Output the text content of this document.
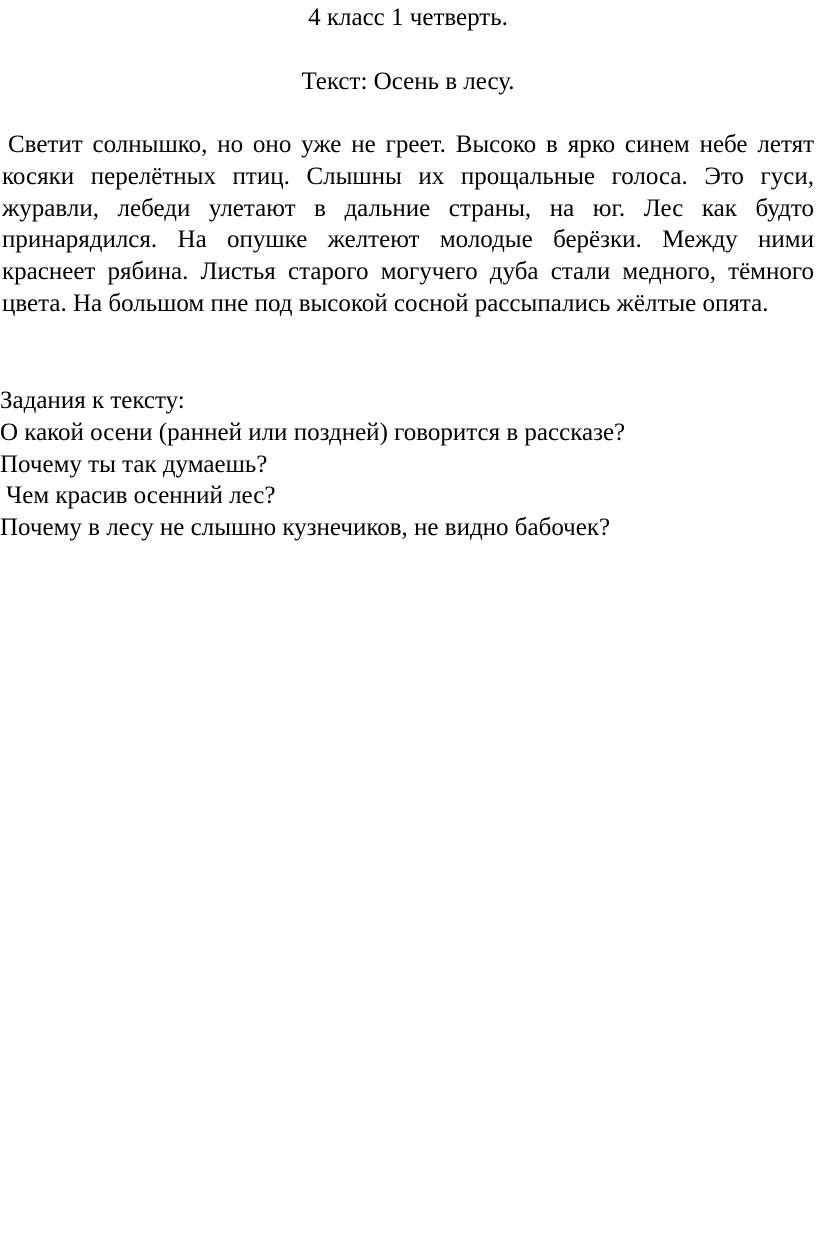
4 класс 1 четверть.

Текст: Осень в лесу.

Светит солнышко, но оно уже не греет. Высоко в ярко синем небе летят косяки перелётных птиц. Слышны их прощальные голоса. Это гуси, журавли, лебеди улетают в дальние страны, на юг. Лес как будто принарядился. На опушке желтеют молодые берёзки. Между ними краснеет рябина. Листья старого могучего дуба стали медного, тёмного цвета. На большом пне под высокой сосной рассыпались жёлтые опята.

Задания к тексту:
О какой осени (ранней или поздней) говорится в рассказе?
Почему ты так думаешь?
Чем красив осенний лес?
Почему в лесу не слышно кузнечиков, не видно бабочек?
